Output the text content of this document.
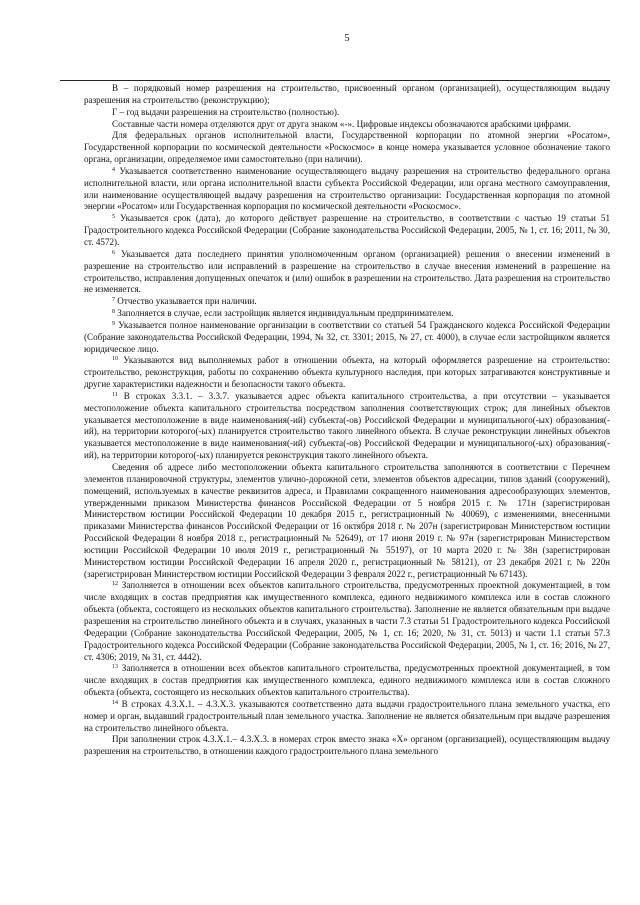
5

В – порядковый номер разрешения на строительство, присвоенный органом (организацией), осуществляющим выдачу разрешения на строительство (реконструкцию);

Г – год выдачи разрешения на строительство (полностью).

Составные части номера отделяются друг от друга знаком «-». Цифровые индексы обозначаются арабскими цифрами.

Для федеральных органов исполнительной власти, Государственной корпорации по атомной энергии «Росатом», Государственной корпорации по космической деятельности «Роскосмос» в конце номера указывается условное обозначение такого органа, организации, определяемое ими самостоятельно (при наличии).

$^4$ Указывается соответственно наименование осуществляющего выдачу разрешения на строительство федерального органа исполнительной власти, или органа исполнительной власти субъекта Российской Федерации, или органа местного самоуправления, или наименование осуществляющей выдачу разрешения на строительство организации: Государственная корпорация по атомной энергии «Росатом» или Государственная корпорация по космической деятельности «Роскосмос».

$^5$ Указывается срок (дата), до которого действует разрешение на строительство, в соответствии с частью 19 статьи 51 Градостроительного кодекса Российской Федерации (Собрание законодательства Российской Федерации, 2005, № 1, ст. 16; 2011, № 30, ст. 4572).

$^6$ Указывается дата последнего принятия уполномоченным органом (организацией) решения о внесении изменений в разрешение на строительство или исправлений в разрешение на строительство в случае внесения изменений в разрешение на строительство, исправления допущенных опечаток и (или) ошибок в разрешении на строительство. Дата разрешения на строительство не изменяется.

$^7$ Отчество указывается при наличии.

$^8$ Заполняется в случае, если застройщик является индивидуальным предпринимателем.

$^9$ Указывается полное наименование организации в соответствии со статьей 54 Гражданского кодекса Российской Федерации (Собрание законодательства Российской Федерации, 1994, № 32, ст. 3301; 2015, № 27, ст. 4000), в случае если застройщиком является юридическое лицо.

$^{10}$ Указываются вид выполняемых работ в отношении объекта, на который оформляется разрешение на строительство: строительство, реконструкция, работы по сохранению объекта культурного наследия, при которых затрагиваются конструктивные и другие характеристики надежности и безопасности такого объекта.

$^{11}$ В строках 3.3.1. – 3.3.7. указывается адрес объекта капитального строительства, а при отсутствии – указывается местоположение объекта капитального строительства посредством заполнения соответствующих строк; для линейных объектов указывается местоположение в виде наименования(-ий) субъекта(-ов) Российской Федерации и муниципального(-ых) образования(-ий), на территории которого(-ых) планируется строительство такого линейного объекта. В случае реконструкции линейных объектов указывается местоположение в виде наименования(-ий) субъекта(-ов) Российской Федерации и муниципального(-ых) образования(-ий), на территории которого(-ых) планируется реконструкция такого линейного объекта.

Сведения об адресе либо местоположении объекта капитального строительства заполняются в соответствии с Перечнем элементов планировочной структуры, элементов улично-дорожной сети, элементов объектов адресации, типов зданий (сооружений), помещений, используемых в качестве реквизитов адреса, и Правилами сокращенного наименования адресообразующих элементов, утвержденными приказом Министерства финансов Российской Федерации от 5 ноября 2015 г. № 171н (зарегистрирован Министерством юстиции Российской Федерации 10 декабря 2015 г., регистрационный № 40069), с изменениями, внесенными приказами Министерства финансов Российской Федерации от 16 октября 2018 г. № 207н (зарегистрирован Министерством юстиции Российской Федерации 8 ноября 2018 г., регистрационный № 52649), от 17 июня 2019 г. № 97н (зарегистрирован Министерством юстиции Российской Федерации 10 июля 2019 г., регистрационный № 55197), от 10 марта 2020 г. № 38н (зарегистрирован Министерством юстиции Российской Федерации 16 апреля 2020 г., регистрационный № 58121), от 23 декабря 2021 г. № 220н (зарегистрирован Министерством юстиции Российской Федерации 3 февраля 2022 г., регистрационный № 67143).

$^{12}$ Заполняется в отношении всех объектов капитального строительства, предусмотренных проектной документацией, в том числе входящих в состав предприятия как имущественного комплекса, единого недвижимого комплекса или в состав сложного объекта (объекта, состоящего из нескольких объектов капитального строительства). Заполнение не является обязательным при выдаче разрешения на строительство линейного объекта и в случаях, указанных в части 7.3 статьи 51 Градостроительного кодекса Российской Федерации (Собрание законодательства Российской Федерации, 2005, № 1, ст. 16; 2020, № 31, ст. 5013) и части 1.1 статьи 57.3 Градостроительного кодекса Российской Федерации (Собрание законодательства Российской Федерации, 2005, № 1, ст. 16; 2016, № 27, ст. 4306; 2019, № 31, ст. 4442).

$^{13}$ Заполняется в отношении всех объектов капитального строительства, предусмотренных проектной документацией, в том числе входящих в состав предприятия как имущественного комплекса, единого недвижимого комплекса или в состав сложного объекта (объекта, состоящего из нескольких объектов капитального строительства).

$^{14}$ В строках 4.3.Х.1. – 4.3.Х.3. указываются соответственно дата выдачи градостроительного плана земельного участка, его номер и орган, выдавший градостроительный план земельного участка. Заполнение не является обязательным при выдаче разрешения на строительство линейного объекта.

При заполнении строк 4.3.Х.1.– 4.3.Х.3. в номерах строк вместо знака «Х» органом (организацией), осуществляющим выдачу разрешения на строительство, в отношении каждого градостроительного плана земельного
